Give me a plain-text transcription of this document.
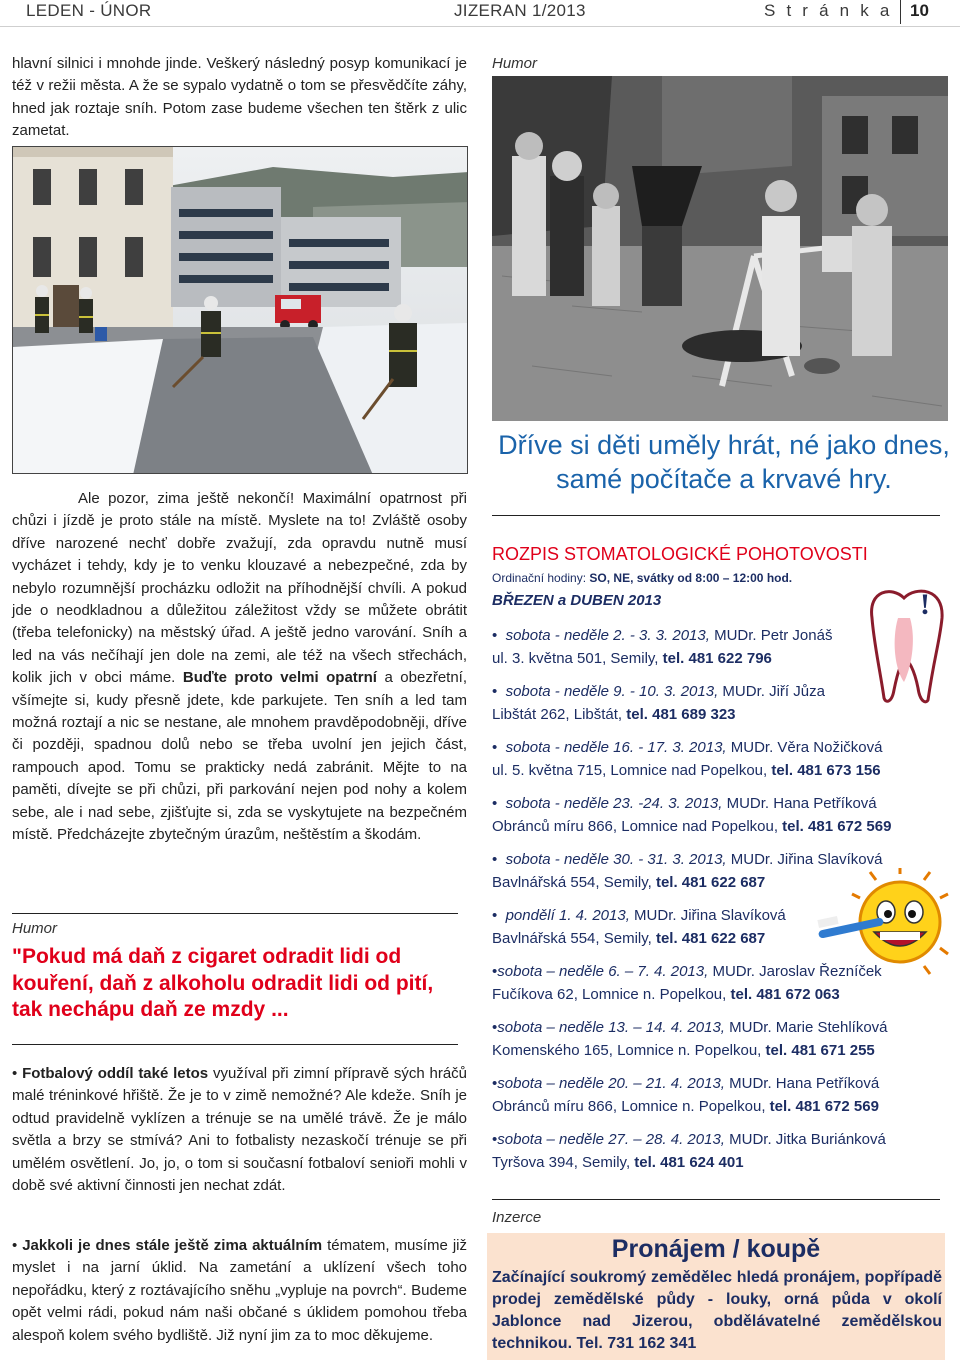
LEDEN - ÚNOR	JIZERAN 1/2013	S t r á n k a 10

hlavní silnici i mnohde jinde. Veškerý následný posyp komunikací je též v režii města. A že se sypalo vydatně o tom se přesvědčíte záhy, hned jak roztaje sníh. Potom zase budeme všechen ten štěrk z ulic zametat.

Ale pozor, zima ještě nekončí! Maximální opatrnost při chůzi i jízdě je proto stále na místě. Myslete na to! Zvláště osoby dříve narozené nechť dobře zvažují, zda opravdu nutně musí vycházet i tehdy, kdy je to venku klouzavé a nebezpečné, zda by nebylo rozumnější procházku odložit na příhodnější chvíli. A pokud jde o neodkladnou a důležitou záležitost vždy se můžete obrátit (třeba telefonicky) na městský úřad. A ještě jedno varování. Sníh a led na vás nečíhají jen dole na zemi, ale též na všech střechách, kolik jich v obci máme. Buďte proto velmi opatrní a obezřetní, všímejte si, kudy přesně jdete, kde parkujete. Ten sníh a led tam možná roztají a nic se nestane, ale mnohem pravděpodobněji, dříve či později, spadnou dolů nebo se třeba uvolní jen jejich část, rampouch apod. Tomu se prakticky nedá zabránit. Mějte to na paměti, dívejte se při chůzi, při parkování nejen pod nohy a kolem sebe, ale i nad sebe, zjišťujte si, zda se vyskytujete na bezpečném místě. Předcházejte zbytečným úrazům, neštěstím a škodám.
Humor
"Pokud má daň z cigaret odradit lidi od kouření, daň z alkoholu odradit lidi od pití, tak nechápu daň ze mzdy ...

• Fotbalový oddíl také letos využíval při zimní přípravě sých hráčů malé tréninkové hřiště. Že je to v zimě nemožné? Ale kdeže. Sníh je odtud pravidelně vyklízen a trénuje se na umělé trávě. Že je málo světla a brzy se stmívá? Ani to fotbalisty nezaskočí trénuje se při umělém osvětlení. Jo, jo, o tom si současní fotbaloví senioři mohli v době své aktivní činnosti jen nechat zdát.

• Jakkoli je dnes stále ještě zima aktuálním tématem, musíme již myslet i na jarní úklid. Na zametání a uklízení všech toho nepořádku, který z roztávajícího sněhu „vypluje na povrch“. Budeme opět velmi rádi, pokud nám naši občané s úklidem pomohou třeba alespoň kolem svého bydliště. Již nyní jim za to moc děkujeme.

Humor
Dříve si děti uměly hrát, né jako dnes, samé počítače a krvavé hry.
ROZPIS STOMATOLOGICKÉ POHOTOVOSTI
Ordinační hodiny: SO, NE, svátky od 8:00 – 12:00 hod.
BŘEZEN a DUBEN 2013	!
•  sobota - neděle 2. - 3. 3. 2013, MUDr. Petr Jonáš
ul. 3. května 501, Semily, tel. 481 622 796
•  sobota - neděle 9. - 10. 3. 2013, MUDr. Jiří Jůza
Libštát 262, Libštát, tel. 481 689 323
•  sobota - neděle 16. - 17. 3. 2013, MUDr. Věra Nožičková
ul. 5. května 715, Lomnice nad Popelkou, tel. 481 673 156
•  sobota - neděle 23. -24. 3. 2013, MUDr. Hana Petříková
Obránců míru 866, Lomnice nad Popelkou, tel. 481 672 569
•  sobota - neděle 30. - 31. 3. 2013, MUDr. Jiřina Slavíková
Bavlnářská 554, Semily, tel. 481 622 687
•  pondělí 1. 4. 2013, MUDr. Jiřina Slavíková
Bavlnářská 554, Semily, tel. 481 622 687
•sobota – neděle 6. – 7. 4. 2013, MUDr. Jaroslav Řezníček
Fučíkova 62, Lomnice n. Popelkou, tel. 481 672 063
•sobota – neděle 13. – 14. 4. 2013, MUDr. Marie Stehlíková
Komenského 165, Lomnice n. Popelkou, tel. 481 671 255
•sobota – neděle 20. – 21. 4. 2013, MUDr. Hana Petříková
Obránců míru 866, Lomnice n. Popelkou, tel. 481 672 569
•sobota – neděle 27. – 28. 4. 2013, MUDr. Jitka Buriánková
Tyršova 394, Semily, tel. 481 624 401
Inzerce
Pronájem / koupě
Začínající soukromý zemědělec hledá pronájem, popřípadě prodej zemědělské půdy - louky, orná půda v okolí Jablonce nad Jizerou, obdělávatelné zemědělskou technikou. Tel. 731 162 341
